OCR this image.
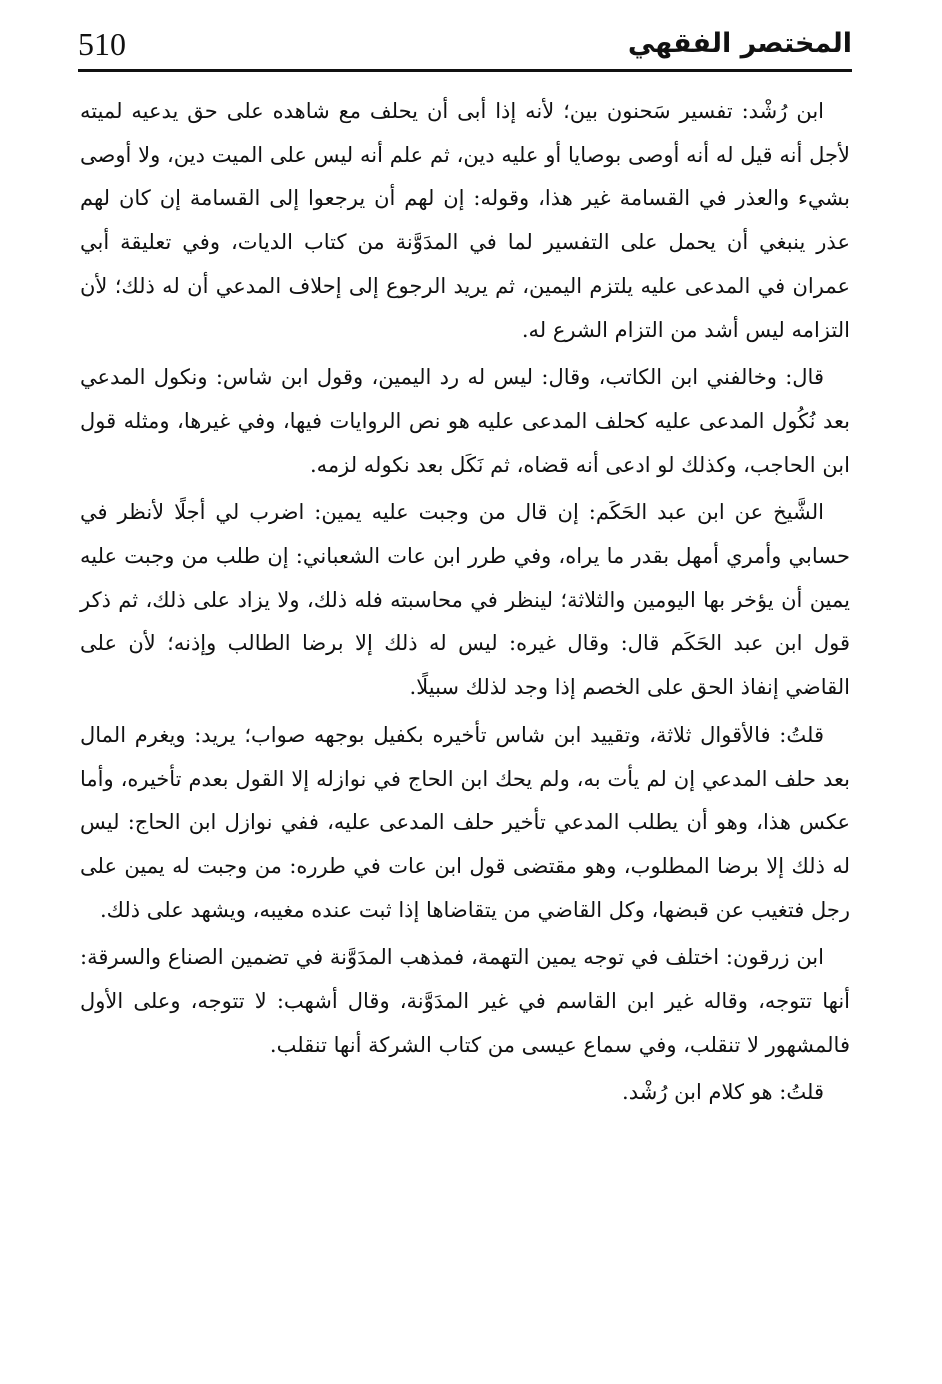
510	المختصر الفقهي

ابن رُشْد: تفسير سَحنون بين؛ لأنه إذا أبى أن يحلف مع شاهده على حق يدعيه لميته لأجل أنه قيل له أنه أوصى بوصايا أو عليه دين، ثم علم أنه ليس على الميت دين، ولا أوصى بشيء والعذر في القسامة غير هذا، وقوله: إن لهم أن يرجعوا إلى القسامة إن كان لهم عذر ينبغي أن يحمل على التفسير لما في المدَوَّنة من كتاب الديات، وفي تعليقة أبي عمران في المدعى عليه يلتزم اليمين، ثم يريد الرجوع إلى إحلاف المدعي أن له ذلك؛ لأن التزامه ليس أشد من التزام الشرع له.

قال: وخالفني ابن الكاتب، وقال: ليس له رد اليمين، وقول ابن شاس: ونكول المدعي بعد نُكُول المدعى عليه كحلف المدعى عليه هو نص الروايات فيها، وفي غيرها، ومثله قول ابن الحاجب، وكذلك لو ادعى أنه قضاه، ثم نَكَل بعد نكوله لزمه.

الشَّيخ عن ابن عبد الحَكَم: إن قال من وجبت عليه يمين: اضرب لي أجلًا لأنظر في حسابي وأمري أمهل بقدر ما يراه، وفي طرر ابن عات الشعباني: إن طلب من وجبت عليه يمين أن يؤخر بها اليومين والثلاثة؛ لينظر في محاسبته فله ذلك، ولا يزاد على ذلك، ثم ذكر قول ابن عبد الحَكَم قال: وقال غيره: ليس له ذلك إلا برضا الطالب وإذنه؛ لأن على القاضي إنفاذ الحق على الخصم إذا وجد لذلك سبيلًا.

قلتُ: فالأقوال ثلاثة، وتقييد ابن شاس تأخيره بكفيل بوجهه صواب؛ يريد: ويغرم المال بعد حلف المدعي إن لم يأت به، ولم يحك ابن الحاج في نوازله إلا القول بعدم تأخيره، وأما عكس هذا، وهو أن يطلب المدعي تأخير حلف المدعى عليه، ففي نوازل ابن الحاج: ليس له ذلك إلا برضا المطلوب، وهو مقتضى قول ابن عات في طرره: من وجبت له يمين على رجل فتغيب عن قبضها، وكل القاضي من يتقاضاها إذا ثبت عنده مغيبه، ويشهد على ذلك.

ابن زرقون: اختلف في توجه يمين التهمة، فمذهب المدَوَّنة في تضمين الصناع والسرقة: أنها تتوجه، وقاله غير ابن القاسم في غير المدَوَّنة، وقال أشهب: لا تتوجه، وعلى الأول فالمشهور لا تنقلب، وفي سماع عيسى من كتاب الشركة أنها تنقلب.

قلتُ: هو كلام ابن رُشْد.
